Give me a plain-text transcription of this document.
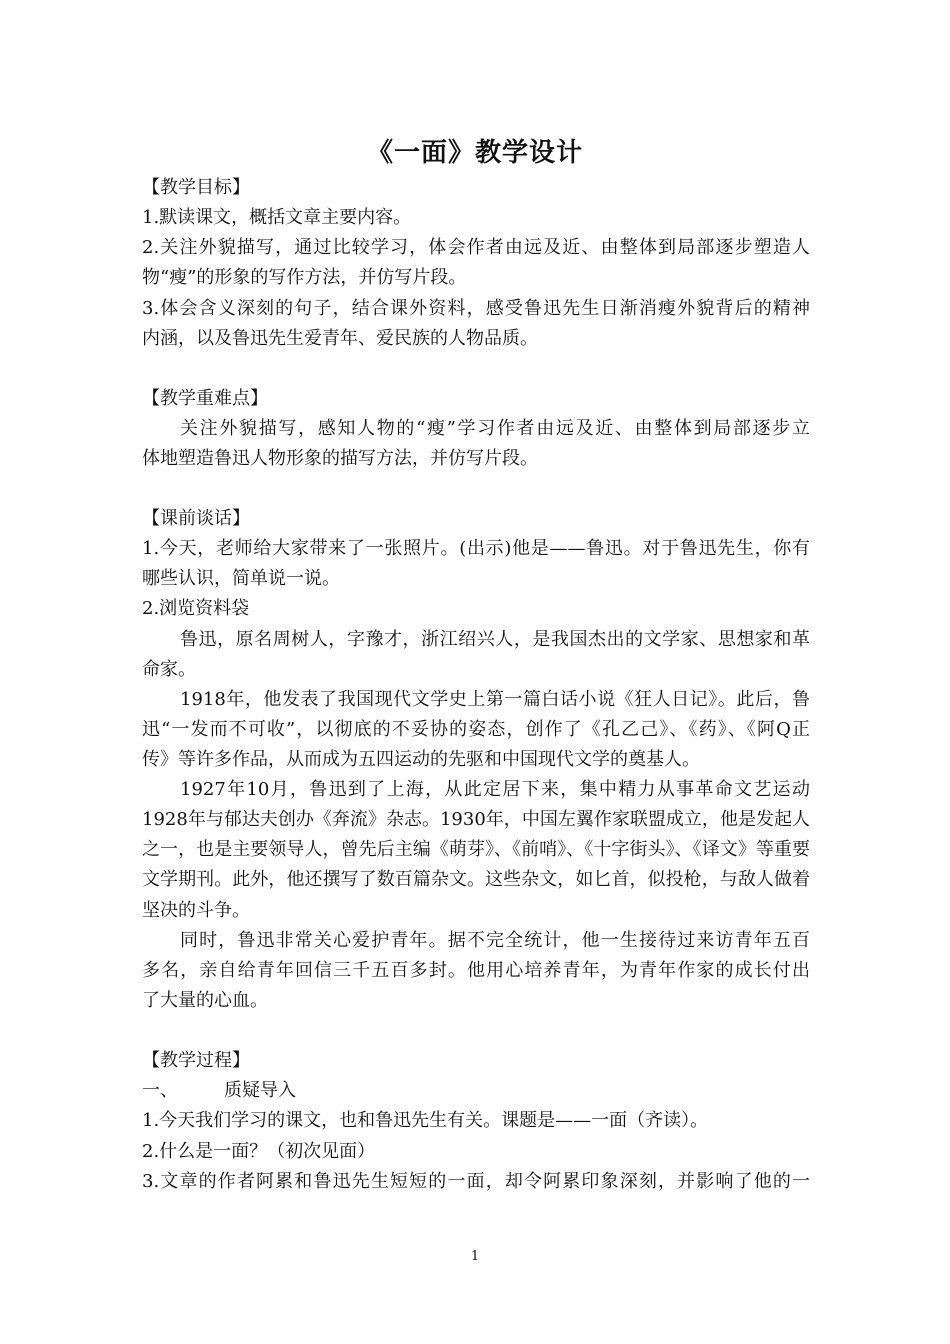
《一面》教学设计
【教学目标】
1.默读课文，概括文章主要内容。
2.关注外貌描写，通过比较学习，体会作者由远及近、由整体到局部逐步塑造人
物“瘦”的形象的写作方法，并仿写片段。
3.体会含义深刻的句子，结合课外资料，感受鲁迅先生日渐消瘦外貌背后的精神
内涵，以及鲁迅先生爱青年、爱民族的人物品质。
【教学重难点】
关注外貌描写，感知人物的“瘦”学习作者由远及近、由整体到局部逐步立
体地塑造鲁迅人物形象的描写方法，并仿写片段。
【课前谈话】
1.今天，老师给大家带来了一张照片。(出示)他是——鲁迅。对于鲁迅先生，你有
哪些认识，简单说一说。
2.浏览资料袋
鲁迅，原名周树人，字豫才，浙江绍兴人，是我国杰出的文学家、思想家和革
命家。
1918年，他发表了我国现代文学史上第一篇白话小说《狂人日记》。此后，鲁
迅“一发而不可收”，以彻底的不妥协的姿态，创作了《孔乙己》、《药》、《阿Q正
传》等许多作品，从而成为五四运动的先驱和中国现代文学的奠基人。
1927年10月，鲁迅到了上海，从此定居下来，集中精力从事革命文艺运动
1928年与郁达夫创办《奔流》杂志。1930年，中国左翼作家联盟成立，他是发起人
之一，也是主要领导人，曾先后主编《萌芽》、《前哨》、《十字街头》、《译文》等重要
文学期刊。此外，他还撰写了数百篇杂文。这些杂文，如匕首，似投枪，与敌人做着
坚决的斗争。
同时，鲁迅非常关心爱护青年。据不完全统计，他一生接待过来访青年五百
多名，亲自给青年回信三千五百多封。他用心培养青年，为青年作家的成长付出
了大量的心血。
【教学过程】
一、	质疑导入
1.今天我们学习的课文，也和鲁迅先生有关。课题是——一面（齐读）。
2.什么是一面？（初次见面）
3.文章的作者阿累和鲁迅先生短短的一面，却令阿累印象深刻，并影响了他的一
1
